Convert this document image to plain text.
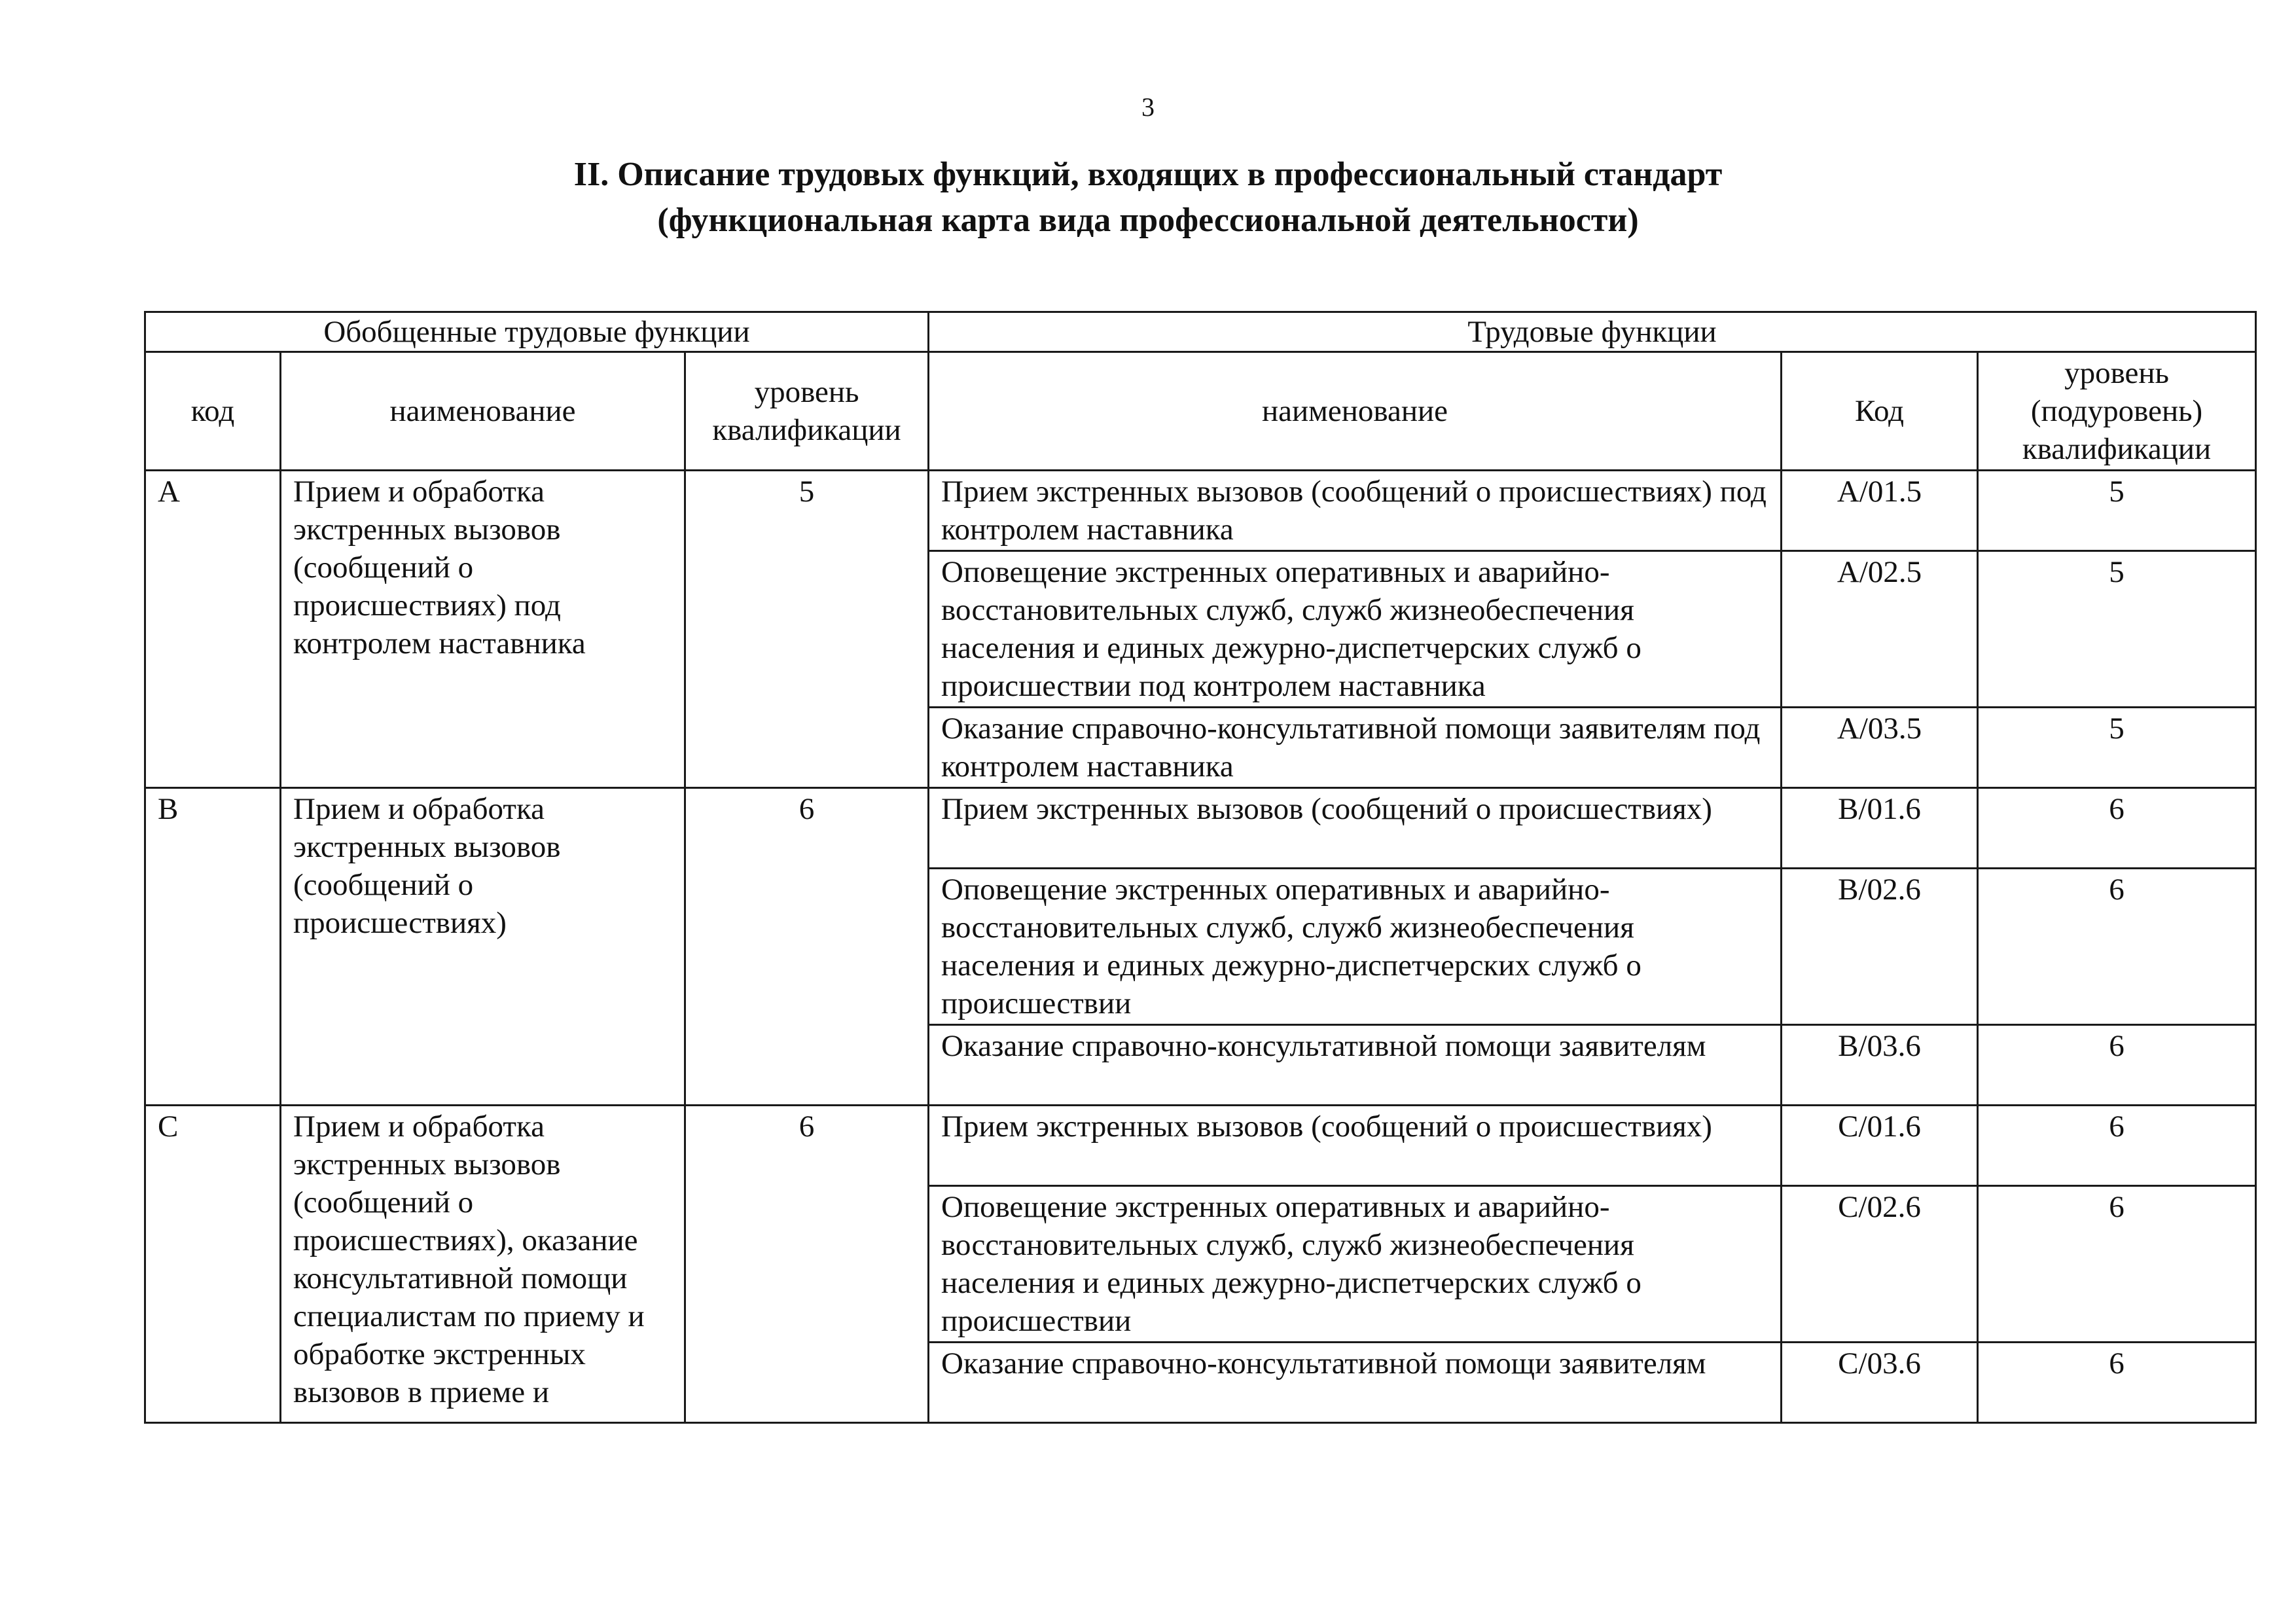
3
II. Описание трудовых функций, входящих в профессиональный стандарт
(функциональная карта вида профессиональной деятельности)
Обобщенные трудовые функции			Трудовые функции		
код	наименование	уровень квалификации	наименование	Код	уровень (подуровень) квалификации
A	Прием и обработка экстренных вызовов (сообщений о происшествиях) под контролем наставника	5	Прием экстренных вызовов (сообщений о происшествиях) под контролем наставника	A/01.5	5
			Оповещение экстренных оперативных и аварийно-восстановительных служб, служб жизнеобеспечения населения и единых дежурно-диспетчерских служб о происшествии под контролем наставника	A/02.5	5
			Оказание справочно-консультативной помощи заявителям под контролем наставника	A/03.5	5
B	Прием и обработка экстренных вызовов (сообщений о происшествиях)	6	Прием экстренных вызовов (сообщений о происшествиях)	B/01.6	6
			Оповещение экстренных оперативных и аварийно-восстановительных служб, служб жизнеобеспечения населения и единых дежурно-диспетчерских служб о происшествии	B/02.6	6
			Оказание справочно-консультативной помощи заявителям	B/03.6	6
C	Прием и обработка экстренных вызовов (сообщений о происшествиях), оказание консультативной помощи специалистам по приему и обработке экстренных вызовов в приеме и	6	Прием экстренных вызовов (сообщений о происшествиях)	C/01.6	6
			Оповещение экстренных оперативных и аварийно-восстановительных служб, служб жизнеобеспечения населения и единых дежурно-диспетчерских служб о происшествии	C/02.6	6
			Оказание справочно-консультативной помощи заявителям	C/03.6	6
